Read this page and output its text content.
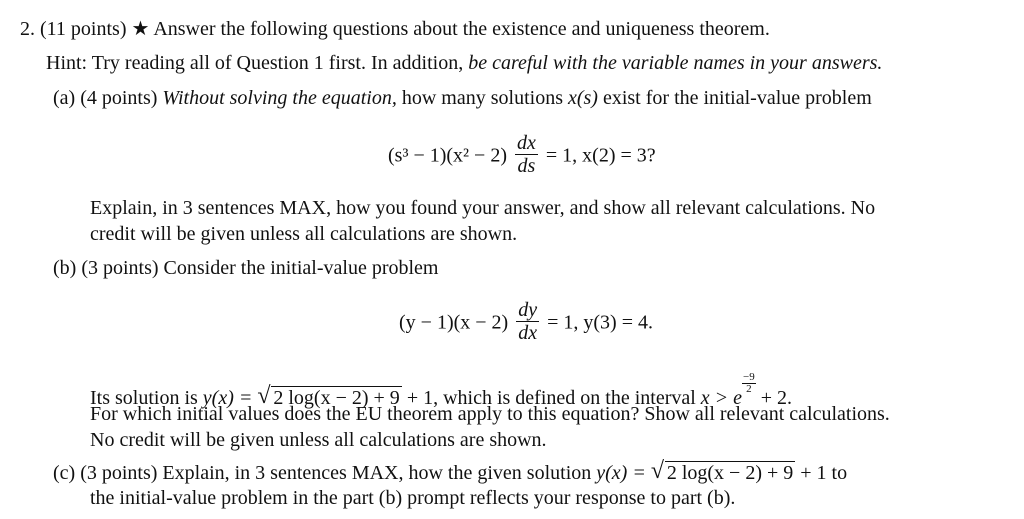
2. (11 points) ★ Answer the following questions about the existence and uniqueness theorem.
Hint: Try reading all of Question 1 first. In addition, be careful with the variable names in your answers.
(a) (4 points) Without solving the equation, how many solutions x(s) exist for the initial-value problem
$(s^3 - 1)(x^2 - 2) \frac{dx}{ds} = 1$, x(2) = 3?
Explain, in 3 sentences MAX, how you found your answer, and show all relevant calculations. No
credit will be given unless all calculations are shown.
(b) (3 points) Consider the initial-value problem
$(y - 1)(x - 2) \frac{dy}{dx} = 1$, y(3) = 4.
Its solution is y(x) = √ 2 log(x − 2) + 9 + 1, which is defined on the interval x > e
$\frac{-9}{2}$
+ 2.
For which initial values does the EU theorem apply to this equation? Show all relevant calculations.
No credit will be given unless all calculations are shown.
(c) (3 points) Explain, in 3 sentences MAX, how the given solution y(x) = √ 2 log(x − 2) + 9 + 1 to
the initial-value problem in the part (b) prompt reflects your response to part (b).
